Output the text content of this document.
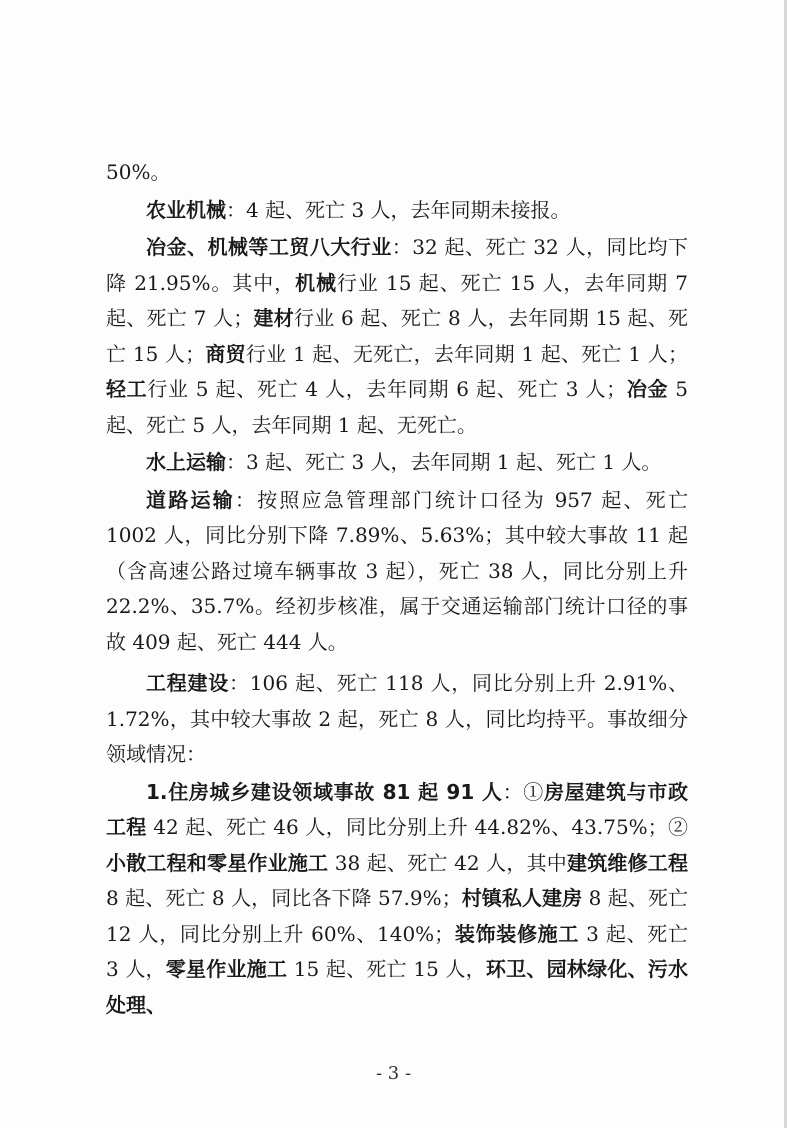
50%。

农业机械：4 起、死亡 3 人，去年同期未接报。

冶金、机械等工贸八大行业：32 起、死亡 32 人，同比均下降 21.95%。其中，机械行业 15 起、死亡 15 人，去年同期 7 起、死亡 7 人；建材行业 6 起、死亡 8 人，去年同期 15 起、死亡 15 人；商贸行业 1 起、无死亡，去年同期 1 起、死亡 1 人；轻工行业 5 起、死亡 4 人，去年同期 6 起、死亡 3 人；冶金 5 起、死亡 5 人，去年同期 1 起、无死亡。

水上运输：3 起、死亡 3 人，去年同期 1 起、死亡 1 人。

道路运输：按照应急管理部门统计口径为 957 起、死亡 1002 人，同比分别下降 7.89%、5.63%；其中较大事故 11 起（含高速公路过境车辆事故 3 起），死亡 38 人，同比分别上升 22.2%、35.7%。经初步核准，属于交通运输部门统计口径的事故 409 起、死亡 444 人。

工程建设：106 起、死亡 118 人，同比分别上升 2.91%、1.72%，其中较大事故 2 起，死亡 8 人，同比均持平。事故细分领域情况：

1.住房城乡建设领域事故 81 起 91 人：①房屋建筑与市政工程 42 起、死亡 46 人，同比分别上升 44.82%、43.75%；②小散工程和零星作业施工 38 起、死亡 42 人，其中建筑维修工程 8 起、死亡 8 人，同比各下降 57.9%；村镇私人建房 8 起、死亡 12 人，同比分别上升 60%、140%；装饰装修施工 3 起、死亡 3 人，零星作业施工 15 起、死亡 15 人，环卫、园林绿化、污水处理、

- 3 -
